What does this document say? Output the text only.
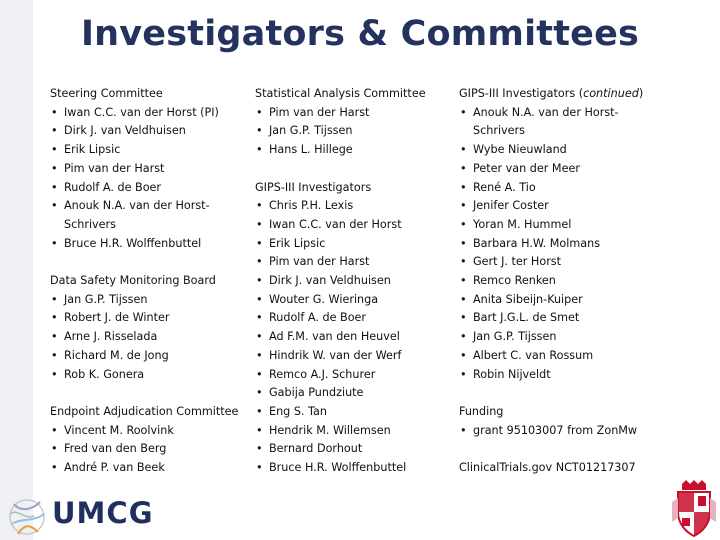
Investigators & Committees
Steering Committee
• Iwan C.C. van der Horst (PI)
• Dirk J. van Veldhuisen
• Erik Lipsic
• Pim van der Harst
• Rudolf A. de Boer
• Anouk N.A. van der Horst-Schrivers
• Bruce H.R. Wolffenbuttel
Data Safety Monitoring Board
• Jan G.P. Tijssen
• Robert J. de Winter
• Arne J. Risselada
• Richard M. de Jong
• Rob K. Gonera
Endpoint Adjudication Committee
• Vincent M. Roolvink
• Fred van den Berg
• André P. van Beek
Statistical Analysis Committee
• Pim van der Harst
• Jan G.P. Tijssen
• Hans L. Hillege
GIPS-III Investigators
• Chris P.H. Lexis
• Iwan C.C. van der Horst
• Erik Lipsic
• Pim van der Harst
• Dirk J. van Veldhuisen
• Wouter G. Wieringa
• Rudolf A. de Boer
• Ad F.M. van den Heuvel
• Hindrik W. van der Werf
• Remco A.J. Schurer
• Gabija Pundziute
• Eng S. Tan
• Hendrik M. Willemsen
• Bernard Dorhout
• Bruce H.R. Wolffenbuttel
GIPS-III Investigators (continued)
• Anouk N.A. van der Horst-Schrivers
• Wybe Nieuwland
• Peter van der Meer
• René A. Tio
• Jenifer Coster
• Yoran M. Hummel
• Barbara H.W. Molmans
• Gert J. ter Horst
• Remco Renken
• Anita Sibeijn-Kuiper
• Bart J.G.L. de Smet
• Jan G.P. Tijssen
• Albert C. van Rossum
• Robin Nijveldt
Funding
• grant 95103007 from ZonMw
ClinicalTrials.gov NCT01217307
UMCG
